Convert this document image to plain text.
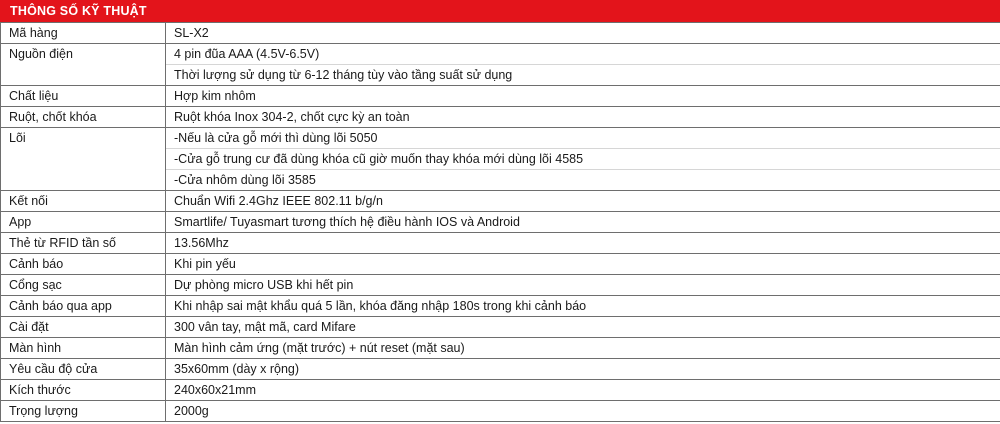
THÔNG SỐ KỸ THUẬT
Mã hàng	SL-X2

Nguồn điện	4 pin đũa AAA (4.5V-6.5V)
Thời lượng sử dụng từ 6-12 tháng tùy vào tầng suất sử dụng

Chất liệu	Hợp kim nhôm

Ruột, chốt khóa	Ruột khóa Inox 304-2, chốt cực kỳ an toàn

Lõi	-Nếu là cửa gỗ mới thì dùng lõi 5050
-Cửa gỗ trung cư đã dùng khóa cũ giờ muốn thay khóa mới dùng lõi 4585
-Cửa nhôm dùng lõi 3585

Kết nối	Chuẩn Wifi 2.4Ghz IEEE 802.11 b/g/n

App	Smartlife/ Tuyasmart tương thích hệ điều hành IOS và Android

Thẻ từ RFID tần số	13.56Mhz

Cảnh báo	Khi pin yếu

Cổng sạc	Dự phòng micro USB khi hết pin

Cảnh báo qua app	Khi nhập sai mật khẩu quá 5 lần, khóa đăng nhập 180s trong khi cảnh báo

Cài đặt	300 vân tay, mật mã, card Mifare

Màn hình	Màn hình cảm ứng (mặt trước) + nút reset (mặt sau)

Yêu cầu độ cửa	35x60mm (dày x rộng)

Kích thước	240x60x21mm

Trọng lượng	2000g
